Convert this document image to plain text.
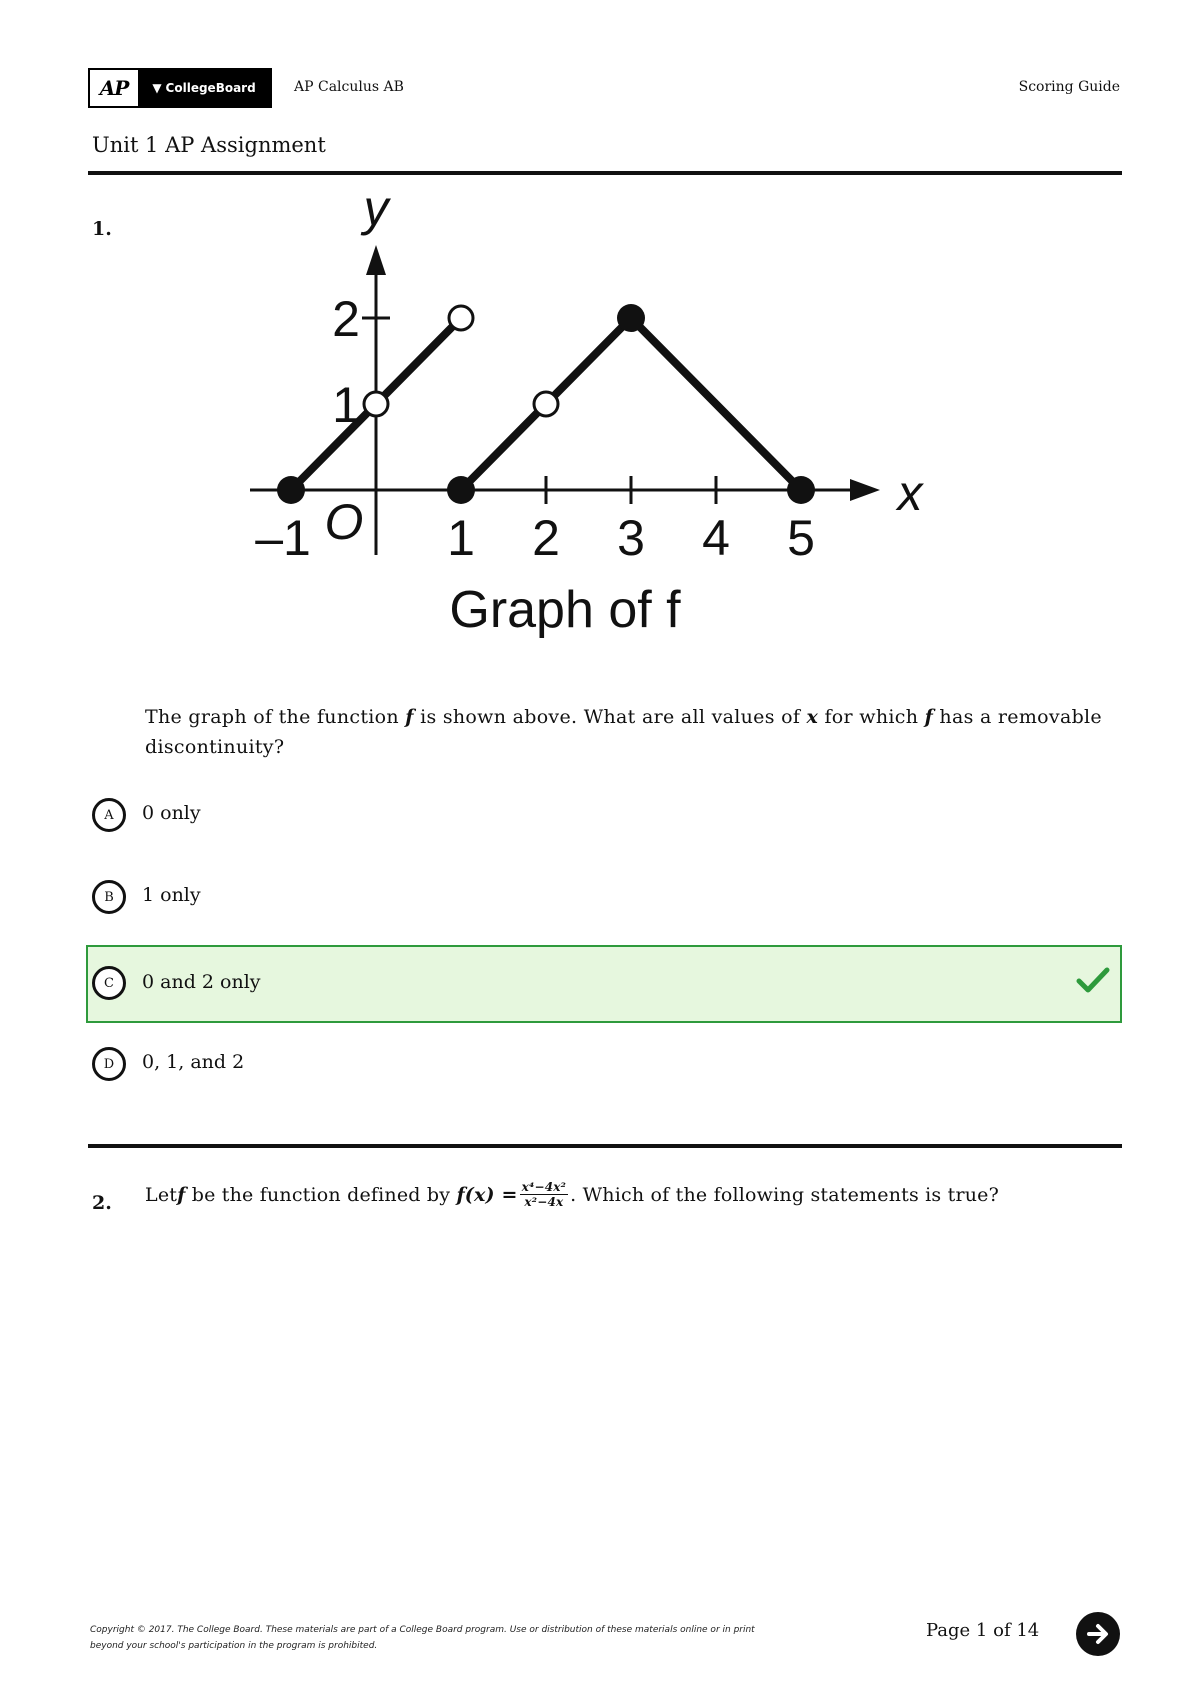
AP	▼ CollegeBoard	AP Calculus AB	Scoring Guide
Unit 1 AP Assignment
1.
–1	1 2 3 4 5
1
2
O
x
y
Graph of f
The graph of the function f is shown above. What are all values of x for which f has a removable discontinuity?
A	0 only
B	1 only
C	0 and 2 only
D	0, 1, and 2
2. Let f be the function defined by $f(x) = \frac{\text{x⁴−4x²}}{\text{x²−4x}}$ . Which of the following statements is true?
Copyright © 2017. The College Board. These materials are part of a College Board program. Use or distribution of these materials online or in print
beyond your school's participation in the program is prohibited.
Page 1 of 14
